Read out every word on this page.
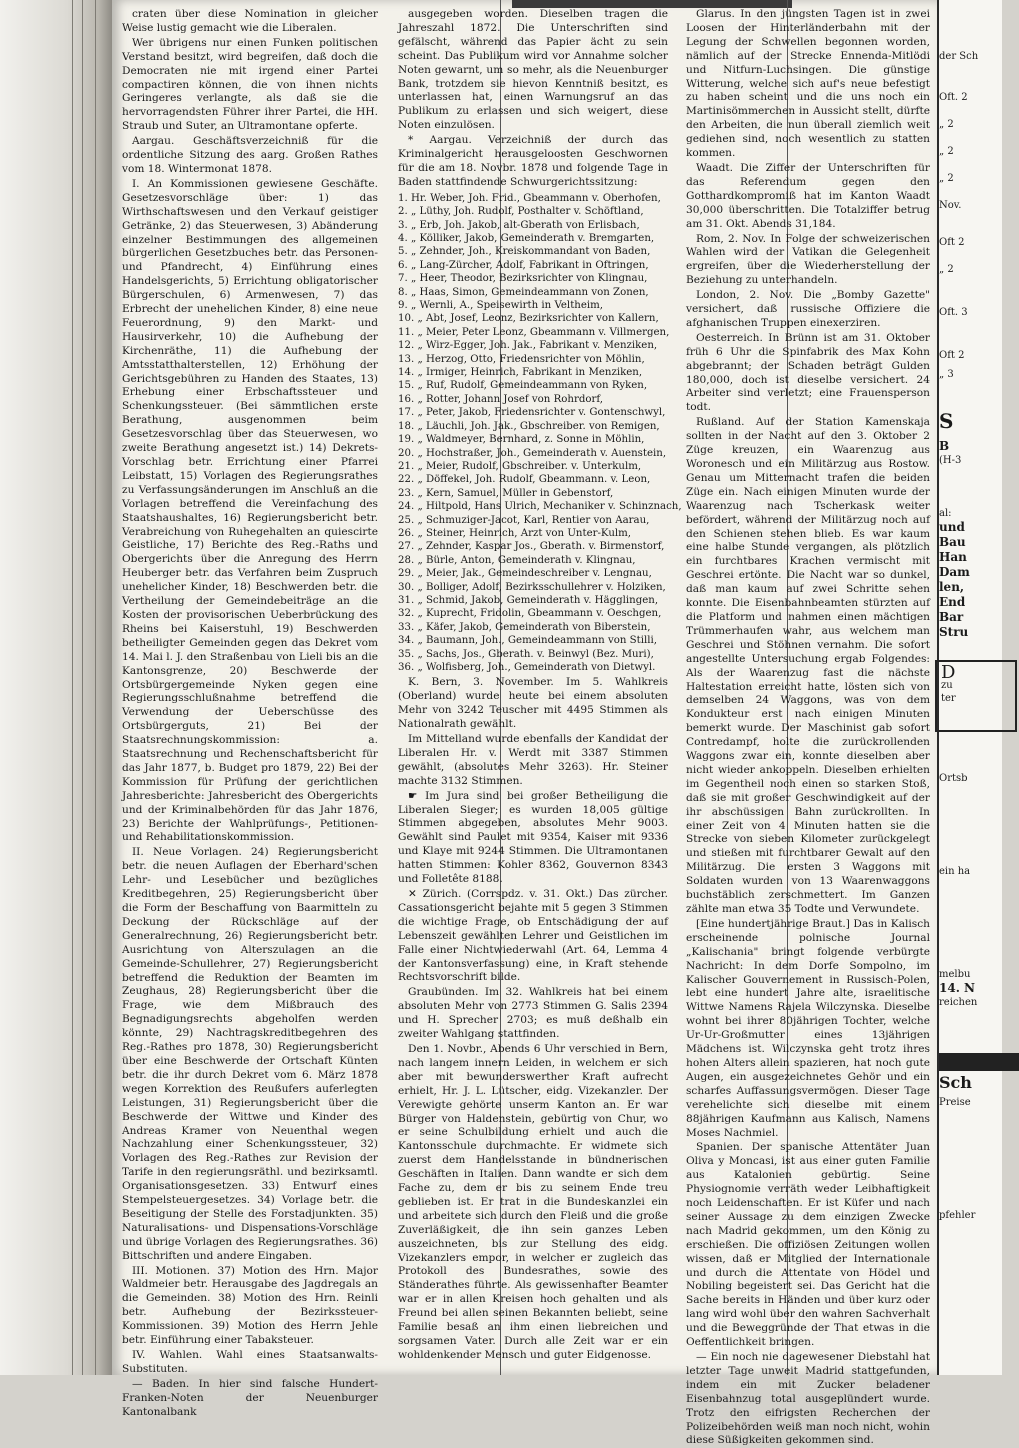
craten über diese Nomination in gleicher Weise lustig gemacht wie die Liberalen.

Wer übrigens nur einen Funken politischen Verstand besitzt, wird begreifen, daß doch die Democraten nie mit irgend einer Partei compactiren können, die von ihnen nichts Geringeres verlangte, als daß sie die hervorragendsten Führer ihrer Partei, die HH. Straub und Suter, an Ultramontane opferte.

Aargau. Geschäftsverzeichniß für die ordentliche Sitzung des aarg. Großen Rathes vom 18. Wintermonat 1878.

I. An Kommissionen gewiesene Geschäfte. Gesetzesvorschläge über: 1) das Wirthschaftswesen und den Verkauf geistiger Getränke, 2) das Steuerwesen, 3) Abänderung einzelner Bestimmungen des allgemeinen bürgerlichen Gesetzbuches betr. das Personen- und Pfandrecht, 4) Einführung eines Handelsgerichts, 5) Errichtung obligatorischer Bürgerschulen, 6) Armenwesen, 7) das Erbrecht der unehelichen Kinder, 8) eine neue Feuerordnung, 9) den Markt- und Hausirverkehr, 10) die Aufhebung der Kirchenräthe, 11) die Aufhebung der Amtsstatthalterstellen, 12) Erhöhung der Gerichtsgebühren zu Handen des Staates, 13) Erhebung einer Erbschaftssteuer und Schenkungssteuer. (Bei sämmtlichen erste Berathung, ausgenommen beim Gesetzesvorschlag über das Steuerwesen, wo zweite Berathung angesetzt ist.) 14) Dekrets-Vorschlag betr. Errichtung einer Pfarrei Leibstatt, 15) Vorlagen des Regierungsrathes zu Verfassungsänderungen im Anschluß an die Vorlagen betreffend die Vereinfachung des Staatshaushaltes, 16) Regierungsbericht betr. Verabreichung von Ruhegehalten an quiescirte Geistliche, 17) Berichte des Reg.-Raths und Obergerichts über die Anregung des Herrn Heuberger betr. das Verfahren beim Zuspruch unehelicher Kinder, 18) Beschwerden betr. die Vertheilung der Gemeindebeiträge an die Kosten der provisorischen Ueberbrückung des Rheins bei Kaiserstuhl, 19) Beschwerden betheiligter Gemeinden gegen das Dekret vom 14. Mai l. J. den Straßenbau von Lieli bis an die Kantonsgrenze, 20) Beschwerde der Ortsbürgergemeinde Nyken gegen eine Regierungsschlußnahme betreffend die Verwendung der Ueberschüsse des Ortsbürgerguts, 21) Bei der Staatsrechnungskommission: a. Staatsrechnung und Rechenschaftsbericht für das Jahr 1877, b. Budget pro 1879, 22) Bei der Kommission für Prüfung der gerichtlichen Jahresberichte: Jahresbericht des Obergerichts und der Kriminalbehörden für das Jahr 1876, 23) Berichte der Wahlprüfungs-, Petitionen- und Rehabilitationskommission.

II. Neue Vorlagen. 24) Regierungsbericht betr. die neuen Auflagen der Eberhard'schen Lehr- und Lesebücher und bezügliches Kreditbegehren, 25) Regierungsbericht über die Form der Beschaffung von Baarmitteln zu Deckung der Rückschläge auf der Generalrechnung, 26) Regierungsbericht betr. Ausrichtung von Alterszulagen an die Gemeinde-Schullehrer, 27) Regierungsbericht betreffend die Reduktion der Beamten im Zeughaus, 28) Regierungsbericht über die Frage, wie dem Mißbrauch des Begnadigungsrechts abgeholfen werden könnte, 29) Nachtragskreditbegehren des Reg.-Rathes pro 1878, 30) Regierungsbericht über eine Beschwerde der Ortschaft Künten betr. die ihr durch Dekret vom 6. März 1878 wegen Korrektion des Reußufers auferlegten Leistungen, 31) Regierungsbericht über die Beschwerde der Wittwe und Kinder des Andreas Kramer von Neuenthal wegen Nachzahlung einer Schenkungssteuer, 32) Vorlagen des Reg.-Rathes zur Revision der Tarife in den regierungsräthl. und bezirksamtl. Organisationsgesetzen. 33) Entwurf eines Stempelsteuergesetzes. 34) Vorlage betr. die Beseitigung der Stelle des Forstadjunkten. 35) Naturalisations- und Dispensations-Vorschläge und übrige Vorlagen des Regierungsrathes. 36) Bittschriften und andere Eingaben.

III. Motionen. 37) Motion des Hrn. Major Waldmeier betr. Herausgabe des Jagdregals an die Gemeinden. 38) Motion des Hrn. Reinli betr. Aufhebung der Bezirkssteuer-Kommissionen. 39) Motion des Herrn Jehle betr. Einführung einer Tabaksteuer.

IV. Wahlen. Wahl eines Staatsanwalts-Substituten.

— Baden. In hier sind falsche Hundert-Franken-Noten der Neuenburger Kantonalbank

ausgegeben worden. Dieselben tragen die Jahreszahl 1872. Die Unterschriften sind gefälscht, während das Papier ächt zu sein scheint. Das Publikum wird vor Annahme solcher Noten gewarnt, um so mehr, als die Neuenburger Bank, trotzdem sie hievon Kenntniß besitzt, es unterlassen hat, einen Warnungsruf an das Publikum zu erlassen und sich weigert, diese Noten einzulösen.

* Aargau. Verzeichniß der durch das Kriminalgericht herausgeloosten Geschwornen für die am 18. Novbr. 1878 und folgende Tage in Baden stattfindende Schwurgerichtssitzung:

1. Hr. Weber, Joh. Frid., Gbeammann v. Oberhofen,
2. „ Lüthy, Joh. Rudolf, Posthalter v. Schöftland,
3. „ Erb, Joh. Jakob, alt-Gberath von Erlisbach,
4. „ Kölliker, Jakob, Gemeinderath v. Bremgarten,
5. „ Zehnder, Joh., Kreiskommandant von Baden,
6. „ Lang-Zürcher, Adolf, Fabrikant in Oftringen,
7. „ Heer, Theodor, Bezirksrichter von Klingnau,
8. „ Haas, Simon, Gemeindeammann von Zonen,
9. „ Wernli, A., Speisewirth in Veltheim,
10. „ Abt, Josef, Leonz, Bezirksrichter von Kallern,
11. „ Meier, Peter Leonz, Gbeammann v. Villmergen,
12. „ Wirz-Egger, Joh. Jak., Fabrikant v. Menziken,
13. „ Herzog, Otto, Friedensrichter von Möhlin,
14. „ Irmiger, Heinrich, Fabrikant in Menziken,
15. „ Ruf, Rudolf, Gemeindeammann von Ryken,
16. „ Rotter, Johann Josef von Rohrdorf,
17. „ Peter, Jakob, Friedensrichter v. Gontenschwyl,
18. „ Läuchli, Joh. Jak., Gbschreiber. von Remigen,
19. „ Waldmeyer, Bernhard, z. Sonne in Möhlin,
20. „ Hochstraßer, Joh., Gemeinderath v. Auenstein,
21. „ Meier, Rudolf, Gbschreiber. v. Unterkulm,
22. „ Döffekel, Joh. Rudolf, Gbeammann. v. Leon,
23. „ Kern, Samuel, Müller in Gebenstorf,
24. „ Hiltpold, Hans Ulrich, Mechaniker v. Schinznach,
25. „ Schmuziger-Jacot, Karl, Rentier von Aarau,
26. „ Steiner, Heinrich, Arzt von Unter-Kulm,
27. „ Zehnder, Kaspar Jos., Gberath. v. Birmenstorf,
28. „ Bürle, Anton, Gemeinderath v. Klingnau,
29. „ Meier, Jak., Gemeindeschreiber v. Lengnau,
30. „ Bolliger, Adolf, Bezirksschullehrer v. Holziken,
31. „ Schmid, Jakob, Gemeinderath v. Hägglingen,
32. „ Kuprecht, Fridolin, Gbeammann v. Oeschgen,
33. „ Käfer, Jakob, Gemeinderath von Biberstein,
34. „ Baumann, Joh., Gemeindeammann von Stilli,
35. „ Sachs, Jos., Gberath. v. Beinwyl (Bez. Muri),
36. „ Wolfisberg, Joh., Gemeinderath von Dietwyl.

K. Bern, 3. November. Im 5. Wahlkreis (Oberland) wurde heute bei einem absoluten Mehr von 3242 Teuscher mit 4495 Stimmen als Nationalrath gewählt.

Im Mittelland wurde ebenfalls der Kandidat der Liberalen Hr. v. Werdt mit 3387 Stimmen gewählt, (absolutes Mehr 3263). Hr. Steiner machte 3132 Stimmen.

☛ Im Jura sind bei großer Betheiligung die Liberalen Sieger; es wurden 18,005 gültige Stimmen abgegeben, absolutes Mehr 9003. Gewählt sind Paulet mit 9354, Kaiser mit 9336 und Klaye mit 9244 Stimmen. Die Ultramontanen hatten Stimmen: Kohler 8362, Gouvernon 8343 und Folletête 8188.

✕ Zürich. (Corrspdz. v. 31. Okt.) Das zürcher. Cassationsgericht bejahte mit 5 gegen 3 Stimmen die wichtige Frage, ob Entschädigung der auf Lebenszeit gewählten Lehrer und Geistlichen im Falle einer Nichtwiederwahl (Art. 64, Lemma 4 der Kantonsverfassung) eine, in Kraft stehende Rechtsvorschrift bilde.

Graubünden. Im 32. Wahlkreis hat bei einem absoluten Mehr von 2773 Stimmen G. Salis 2394 und H. Sprecher 2703; es muß deßhalb ein zweiter Wahlgang stattfinden.

Den 1. Novbr., Abends 6 Uhr verschied in Bern, nach langem innern Leiden, in welchem er sich aber mit bewunderswerther Kraft aufrecht erhielt, Hr. J. L. Lütscher, eidg. Vizekanzler. Der Verewigte gehörte unserm Kanton an. Er war Bürger von Haldenstein, gebürtig von Chur, wo er seine Schulbildung erhielt und auch die Kantonsschule durchmachte. Er widmete sich zuerst dem Handelsstande in bündnerischen Geschäften in Italien. Dann wandte er sich dem Fache zu, dem er bis zu seinem Ende treu geblieben ist. Er trat in die Bundeskanzlei ein und arbeitete sich durch den Fleiß und die große Zuverläßigkeit, die ihn sein ganzes Leben auszeichneten, bis zur Stellung des eidg. Vizekanzlers empor, in welcher er zugleich das Protokoll des Bundesrathes, sowie des Ständerathes führte. Als gewissenhafter Beamter war er in allen Kreisen hoch gehalten und als Freund bei allen seinen Bekannten beliebt, seine Familie besaß an ihm einen liebreichen und sorgsamen Vater. Durch alle Zeit war er ein wohldenkender Mensch und guter Eidgenosse.

Glarus. In den jüngsten Tagen ist in zwei Loosen der Hinterländerbahn mit der Legung der Schwellen begonnen worden, nämlich auf der Strecke Ennenda-Mitlödi und Nitfurn-Luchsingen. Die günstige Witterung, welche sich auf's neue befestigt zu haben scheint und die uns noch ein Martinisömmerchen in Aussicht stellt, dürfte den Arbeiten, die nun überall ziemlich weit gediehen sind, noch wesentlich zu statten kommen.

Waadt. Die Ziffer der Unterschriften für das Referendum gegen den Gotthardkompromiß hat im Kanton Waadt 30,000 überschritten. Die Totalziffer betrug am 31. Okt. Abends 31,184.

Rom, 2. Nov. In Folge der schweizerischen Wahlen wird der Vatikan die Gelegenheit ergreifen, über die Wiederherstellung der Beziehung zu unterhandeln.

London, 2. Nov. Die „Bomby Gazette" versichert, daß russische Offiziere die afghanischen Truppen einexerziren.

Oesterreich. In Brünn ist am 31. Oktober früh 6 Uhr die Spinfabrik des Max Kohn abgebrannt; der Schaden beträgt Gulden 180,000, doch ist dieselbe versichert. 24 Arbeiter sind verletzt; eine Frauensperson todt.

Rußland. Auf der Station Kamenskaja sollten in der Nacht auf den 3. Oktober 2 Züge kreuzen, ein Waarenzug aus Woronesch und ein Militärzug aus Rostow. Genau um Mitternacht trafen die beiden Züge ein. Nach einigen Minuten wurde der Waarenzug nach Tscherkask weiter befördert, während der Militärzug noch auf den Schienen stehen blieb. Es war kaum eine halbe Stunde vergangen, als plötzlich ein furchtbares Krachen vermischt mit Geschrei ertönte. Die Nacht war so dunkel, daß man kaum auf zwei Schritte sehen konnte. Die Eisenbahnbeamten stürzten auf die Platform und nahmen einen mächtigen Trümmerhaufen wahr, aus welchem man Geschrei und Stöhnen vernahm. Die sofort angestellte Untersuchung ergab Folgendes: Als der Waarenzug fast die nächste Haltestation erreicht hatte, lösten sich von demselben 24 Waggons, was von dem Kondukteur erst nach einigen Minuten bemerkt wurde. Der Maschinist gab sofort Contredampf, holte die zurückrollenden Waggons zwar ein, konnte dieselben aber nicht wieder ankoppeln. Dieselben erhielten im Gegentheil noch einen so starken Stoß, daß sie mit großer Geschwindigkeit auf der ihr abschüssigen Bahn zurückrollten. In einer Zeit von 4 Minuten hatten sie die Strecke von sieben Kilometer zurückgelegt und stießen mit furchtbarer Gewalt auf den Militärzug. Die ersten 3 Waggons mit Soldaten wurden von 13 Waarenwaggons buchstäblich zerschmettert. Im Ganzen zählte man etwa 35 Todte und Verwundete.

[Eine hundertjährige Braut.] Das in Kalisch erscheinende polnische Journal „Kalischania" bringt folgende verbürgte Nachricht: In dem Dorfe Sompolno, im Kalischer Gouvernement in Russisch-Polen, lebt eine hundert Jahre alte, israelitische Wittwe Namens Rajela Wilczynska. Dieselbe wohnt bei ihrer 80jährigen Tochter, welche Ur-Ur-Großmutter eines 13jährigen Mädchens ist. Wilczynska geht trotz ihres hohen Alters allein spazieren, hat noch gute Augen, ein ausgezeichnetes Gehör und ein scharfes Auffassungsvermögen. Dieser Tage verehelichte sich dieselbe mit einem 88jährigen Kaufmann aus Kalisch, Namens Moses Nachmiel.

Spanien. Der spanische Attentäter Juan Oliva y Moncasi, ist aus einer guten Familie aus Katalonien gebürtig. Seine Physiognomie verräth weder Leibhaftigkeit noch Leidenschaften. Er ist Küfer und nach seiner Aussage zu dem einzigen Zwecke nach Madrid gekommen, um den König zu erschießen. Die offiziösen Zeitungen wollen wissen, daß er Mitglied der Internationale und durch die Attentate von Hödel und Nobiling begeistert sei. Das Gericht hat die Sache bereits in Händen und über kurz oder lang wird wohl über den wahren Sachverhalt und die Beweggründe der That etwas in die Oeffentlichkeit bringen.

— Ein noch nie dagewesener Diebstahl hat letzter Tage unweit Madrid stattgefunden, indem ein mit Zucker beladener Eisenbahnzug total ausgeplündert wurde. Trotz den eifrigsten Recherchen der Polizeibehörden weiß man noch nicht, wohin diese Süßigkeiten gekommen sind.

der Sch
Oft. 2
„ 2
„ 2
„ 2
Nov.
Oft 2
„ 2
Oft. 3
Oft 2
„ 3
S
B
(H-3
al:
und
Bau
Han
Dam
len,
End
Bar
Stru
D
zu
ter
Ortsb
ein ha
melbu
14. N
reichen
Sch
Preise
pfehler
